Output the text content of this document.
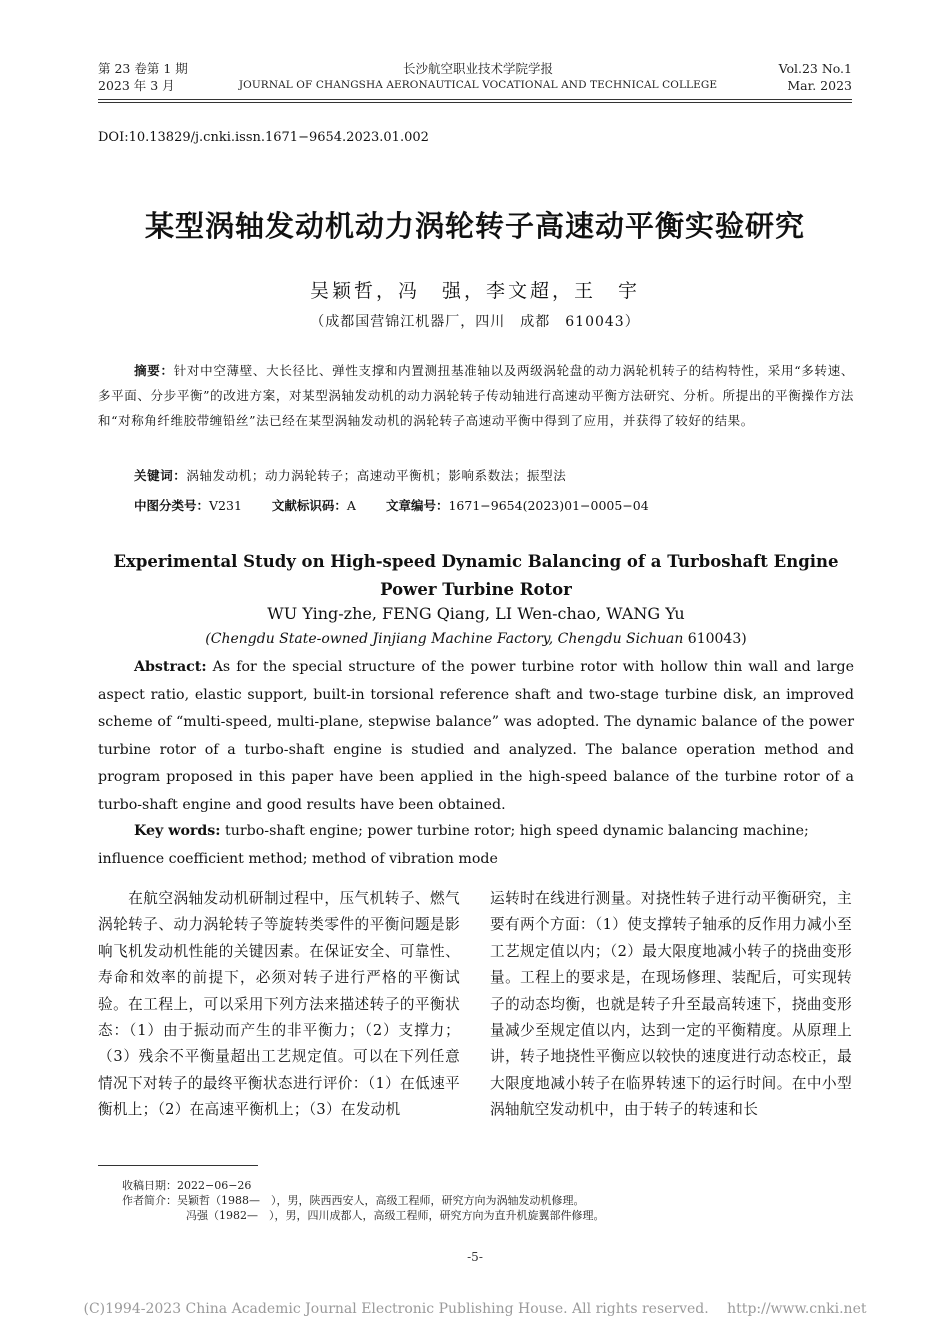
第 23 卷第 1 期
2023 年 3 月
长沙航空职业技术学院学报
JOURNAL OF CHANGSHA AERONAUTICAL VOCATIONAL AND TECHNICAL COLLEGE
Vol.23 No.1
Mar. 2023
DOI:10.13829/j.cnki.issn.1671−9654.2023.01.002
某型涡轴发动机动力涡轮转子高速动平衡实验研究
吴颖哲，冯　强，李文超，王　宇
（成都国营锦江机器厂，四川　成都　610043）
摘要：针对中空薄壁、大长径比、弹性支撑和内置测扭基准轴以及两级涡轮盘的动力涡轮机转子的结构特性，采用“多转速、多平面、分步平衡”的改进方案，对某型涡轴发动机的动力涡轮转子传动轴进行高速动平衡方法研究、分析。所提出的平衡操作方法和“对称角纤维胶带缠铅丝”法已经在某型涡轴发动机的涡轮转子高速动平衡中得到了应用，并获得了较好的结果。
关键词：涡轴发动机；动力涡轮转子；高速动平衡机；影响系数法；振型法
中图分类号：V231 文献标识码：A 文章编号：1671−9654(2023)01−0005−04
Experimental Study on High-speed Dynamic Balancing of a Turboshaft Engine Power Turbine Rotor
WU Ying-zhe, FENG Qiang, LI Wen-chao, WANG Yu
(Chengdu State-owned Jinjiang Machine Factory, Chengdu Sichuan 610043)
Abstract: As for the special structure of the power turbine rotor with hollow thin wall and large aspect ratio, elastic support, built-in torsional reference shaft and two-stage turbine disk, an improved scheme of “multi-speed, multi-plane, stepwise balance” was adopted. The dynamic balance of the power turbine rotor of a turbo-shaft engine is studied and analyzed. The balance operation method and program proposed in this paper have been applied in the high-speed balance of the turbine rotor of a turbo-shaft engine and good results have been obtained.
Key words: turbo-shaft engine; power turbine rotor; high speed dynamic balancing machine; influence coefficient method; method of vibration mode
在航空涡轴发动机研制过程中，压气机转子、燃气涡轮转子、动力涡轮转子等旋转类零件的平衡问题是影响飞机发动机性能的关键因素。在保证安全、可靠性、寿命和效率的前提下，必须对转子进行严格的平衡试验。在工程上，可以采用下列方法来描述转子的平衡状态：（1）由于振动而产生的非平衡力；（2）支撑力；（3）残余不平衡量超出工艺规定值。可以在下列任意情况下对转子的最终平衡状态进行评价：（1）在低速平衡机上；（2）在高速平衡机上；（3）在发动机
运转时在线进行测量。对挠性转子进行动平衡研究，主要有两个方面：（1）使支撑转子轴承的反作用力减小至工艺规定值以内；（2）最大限度地减小转子的挠曲变形量。工程上的要求是，在现场修理、装配后，可实现转子的动态均衡，也就是转子升至最高转速下，挠曲变形量减少至规定值以内，达到一定的平衡精度。从原理上讲，转子地挠性平衡应以较快的速度进行动态校正，最大限度地减小转子在临界转速下的运行时间。在中小型涡轴航空发动机中，由于转子的转速和长
收稿日期：2022−06−26
作者简介：吴颖哲（1988—　），男，陕西西安人，高级工程师，研究方向为涡轴发动机修理。
冯强（1982—　），男，四川成都人，高级工程师，研究方向为直升机旋翼部件修理。
-5-
(C)1994-2023 China Academic Journal Electronic Publishing House. All rights reserved.　 http://www.cnki.net
